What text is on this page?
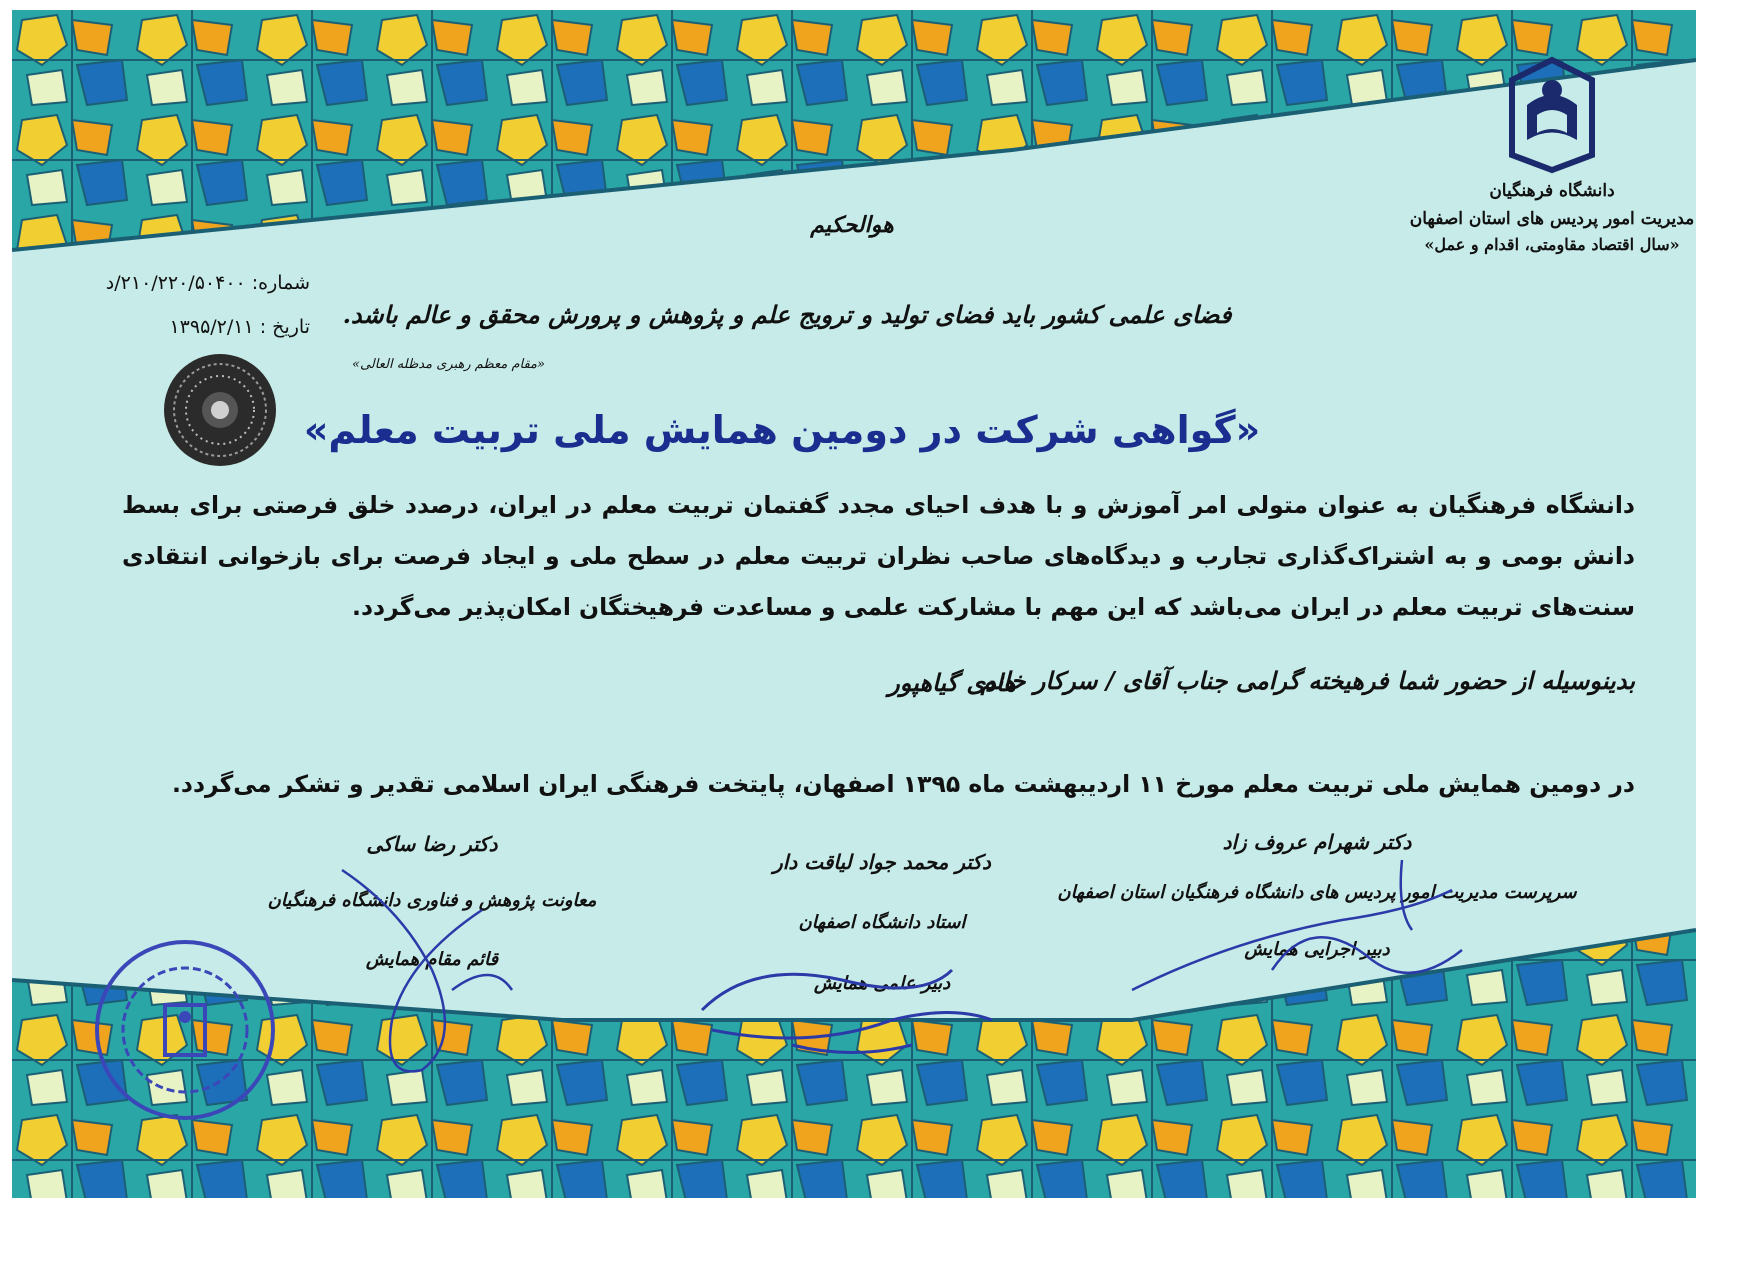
دانشگاه فرهنگیان
مدیریت امور پردیس های استان اصفهان
«سال اقتصاد مقاومتی، اقدام و عمل»
شماره: ۲۱۰/۲۲۰/۵۰۴۰۰/د
تاریخ : ۱۳۹۵/۲/۱۱
هوالحکیم
فضای علمی کشور باید فضای تولید و ترویج علم و پژوهش و پرورش محقق و عالم باشد.
«مقام معظم رهبری مدظله العالی»
«گواهی شرکت در دومین همایش ملی تربیت معلم»
دانشگاه فرهنگیان به عنوان متولی امر آموزش و با هدف احیای مجدد گفتمان تربیت معلم در ایران، درصدد خلق فرصتی برای بسط دانش بومی و به اشتراک‌گذاری تجارب و دیدگاه‌های صاحب نظران تربیت معلم در سطح ملی و ایجاد فرصت برای بازخوانی انتقادی سنت‌های تربیت معلم در ایران می‌باشد که این مهم با مشارکت علمی و مساعدت فرهیختگان امکان‌پذیر می‌گردد.
بدینوسیله از حضور شما فرهیخته گرامی جناب آقای / سرکار خانم
هادی گیاهپور
در دومین همایش ملی تربیت معلم مورخ ۱۱ اردیبهشت ماه ۱۳۹۵ اصفهان، پایتخت فرهنگی ایران اسلامی تقدیر و تشکر می‌گردد.
دکتر شهرام عروف زاد
سرپرست مدیریت امور پردیس های دانشگاه فرهنگیان استان اصفهان
دبیر اجرایی همایش
دکتر محمد جواد لیاقت دار
استاد دانشگاه اصفهان
دبیر علمی همایش
دکتر رضا ساکی
معاونت پژوهش و فناوری دانشگاه فرهنگیان
قائم مقام همایش
